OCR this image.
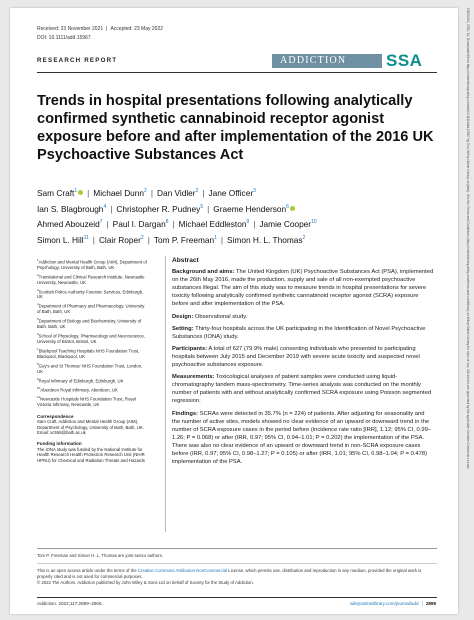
Received: 23 November 2021 | Accepted: 23 May 2022
DOI: 10.1111/add.15967
RESEARCH REPORT	ADDICTION	SSA
Trends in hospital presentations following analytically confirmed synthetic cannabinoid receptor agonist exposure before and after implementation of the 2016 UK Psychoactive Substances Act
Sam Craft$^1$ | Michael Dunn$^2$ | Dan Vidler$^2$ | Jane Officer$^3$
Ian S. Blagbrough$^4$ | Christopher R. Pudney$^5$ | Graeme Henderson$^6$
Ahmed Abouzeid$^7$ | Paul I. Dargan$^8$ | Michael Eddleston$^9$ | Jamie Cooper$^{10}$
Simon L. Hill$^{11}$ | Clair Roper$^2$ | Tom P. Freeman$^1$ | Simon H. L. Thomas$^2$
$^1$Addiction and Mental Health Group (AIM), Department of Psychology, University of Bath, Bath, UK
$^2$Translational and Clinical Research Institute, Newcastle University, Newcastle, UK
$^3$Scottish Police Authority Forensic Services, Edinburgh, UK
$^4$Department of Pharmacy and Pharmacology, University of Bath, Bath, UK
$^5$Department of Biology and Biochemistry, University of Bath, Bath, UK
$^6$School of Physiology, Pharmacology and Neuroscience, University of Bristol, Bristol, UK
$^7$Blackpool Teaching Hospitals NHS Foundation Trust, Blackpool, Blackpool, UK
$^8$Guy's and St Thomas' NHS Foundation Trust, London, UK
$^9$Royal Infirmary of Edinburgh, Edinburgh, UK
$^{10}$Aberdeen Royal Infirmary, Aberdeen, UK
$^{11}$Newcastle Hospitals NHS Foundation Trust, Royal Victoria Infirmary, Newcastle, UK
Correspondence
Sam Craft, Addiction and Mental Health Group (AIM), Department of Psychology, University of Bath, Bath, UK.
Email: sc558@bath.ac.uk
Funding information
The iONA study was funded by the National Institute for Health Research Health Protection Research Unit (NIHR HPRU) for Chemical and Radiation Threats and Hazards
Abstract
Background and aims: The United Kingdom (UK) Psychoactive Substances Act (PSA), implemented on the 26th May 2016, made the production, supply and sale of all non-exempted psychoactive substances illegal. The aim of this study was to measure trends in hospital presentations for severe toxicity following analytically confirmed synthetic cannabinoid receptor agonist (SCRA) exposure before and after implementation of the PSA.
Design: Observational study.
Setting: Thirty-four hospitals across the UK participating in the Identification of Novel Psychoactive Substances (IONA) study.
Participants: A total of 627 (79.9% male) consenting individuals who presented to participating hospitals between July 2015 and December 2019 with severe acute toxicity and suspected novel psychoactive substances exposure.
Measurements: Toxicological analyses of patient samples were conducted using liquid-chromatography tandem mass-spectrometry. Time-series analysis was conducted on the monthly number of patients with and without analytically confirmed SCRA exposure using Poisson segmented regression.
Findings: SCRAs were detected in 35.7% (n = 224) of patients. After adjusting for seasonality and the number of active sites, models showed no clear evidence of an upward or downward trend in the number of SCRA exposure cases in the period before (incidence rate ratio [IRR], 1.12; 95% CI, 0.99–1.26; P = 0.068) or after (IRR, 0.97; 95% CI, 0.94–1.01; P = 0.202) the implementation of the PSA. There was also no clear evidence of an upward or downward trend in non-SCRA exposure cases before (IRR, 0.97; 95% CI, 0.98–1.27; P = 0.105) or after (IRR, 1.01; 95% CI, 0.98–1.04; P = 0.478) implementation of the PSA.
Tom P. Freeman and Simon H. L. Thomas are joint senior authors.
This is an open access article under the terms of the Creative Commons Attribution-NonCommercial License, which permits use, distribution and reproduction in any medium, provided the original work is properly cited and is not used for commercial purposes.
© 2022 The Authors. Addiction published by John Wiley & Sons Ltd on behalf of Society for the Study of Addiction.
Addiction. 2022;117:2899–2906.	wileyonlinelibrary.com/journal/add | 2899
13600443, 2022, 11, Downloaded from https://onlinelibrary.wiley.com/doi/10.1111/add.15967 by Test, Wiley Online Library on [date]. See the Terms and Conditions (https://onlinelibrary.wiley.com/terms-and-conditions) on Wiley Online Library for rules of use; OA articles are governed by the applicable Creative Commons License
